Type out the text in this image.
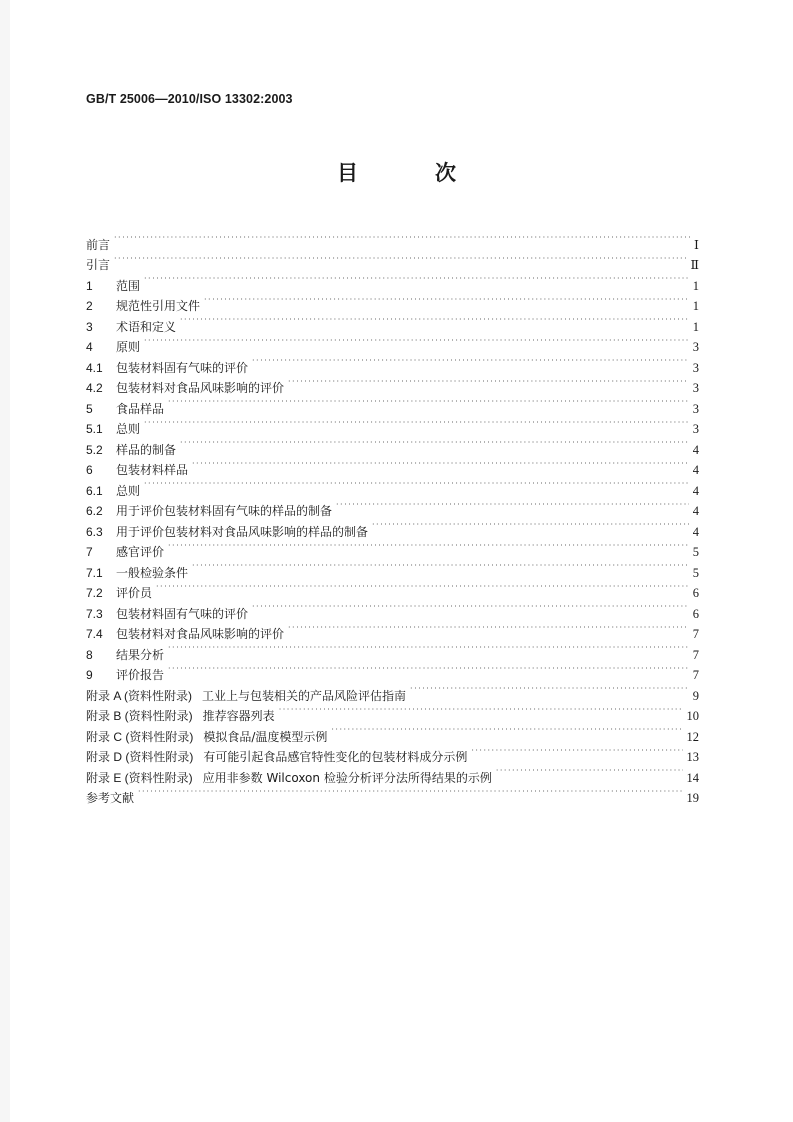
GB/T 25006—2010/ISO 13302:2003
目　次
前言 ·····	Ⅰ
引言 ·····	Ⅱ
1	范围 ·····	1
2	规范性引用文件 ·····	1
3	术语和定义 ·····	1
4	原则 ·····	3
4.1	包装材料固有气味的评价 ·····	3
4.2	包装材料对食品风味影响的评价 ·····	3
5	食品样品 ·····	3
5.1	总则 ·····	3
5.2	样品的制备 ·····	4
6	包装材料样品 ·····	4
6.1	总则 ·····	4
6.2	用于评价包装材料固有气味的样品的制备 ·····	4
6.3	用于评价包装材料对食品风味影响的样品的制备 ·····	4
7	感官评价 ·····	5
7.1	一般检验条件 ·····	5
7.2	评价员 ·····	6
7.3	包装材料固有气味的评价 ·····	6
7.4	包装材料对食品风味影响的评价 ·····	7
8	结果分析 ·····	7
9	评价报告 ·····	7
附录 A (资料性附录) 工业上与包装相关的产品风险评估指南 ·····	9
附录 B (资料性附录) 推荐容器列表 ·····	10
附录 C (资料性附录) 模拟食品/温度模型示例 ·····	12
附录 D (资料性附录) 有可能引起食品感官特性变化的包装材料成分示例 ·····	13
附录 E (资料性附录) 应用非参数 Wilcoxon 检验分析评分法所得结果的示例 ·····	14
参考文献 ·····	19
